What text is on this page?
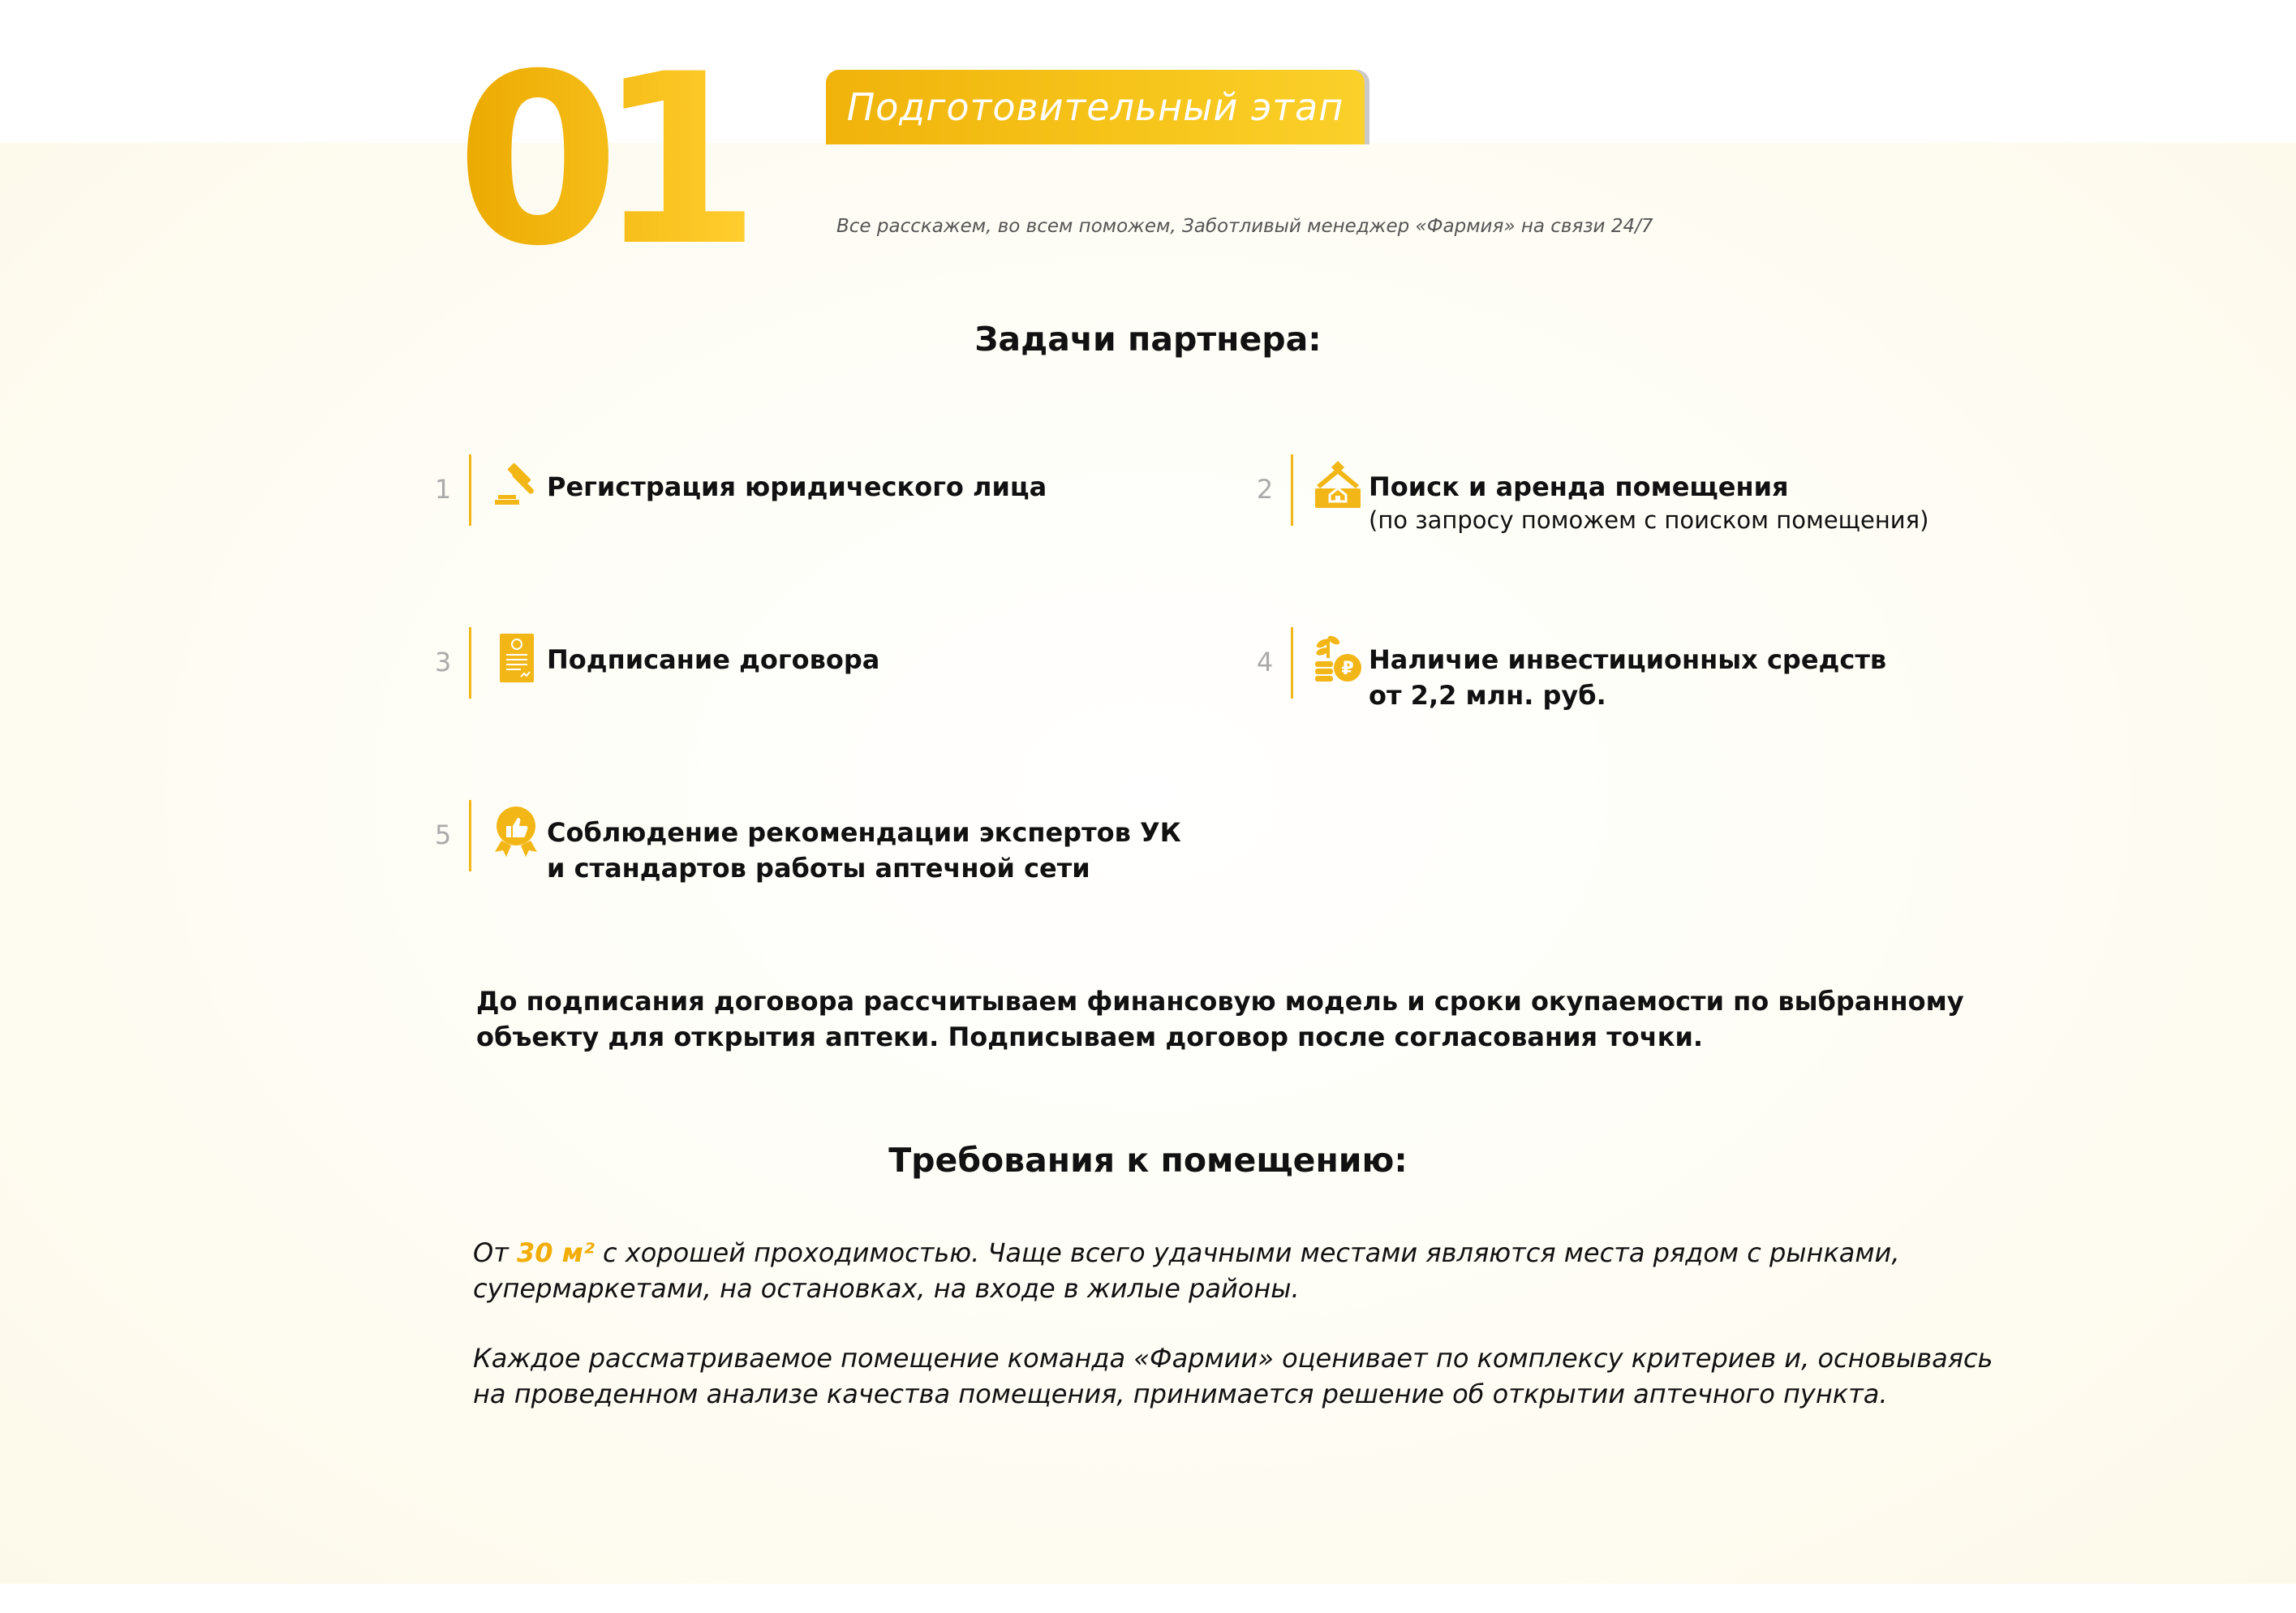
01	Подготовительный этап
Все расскажем, во всем поможем, Заботливый менеджер «Фармия» на связи 24/7
Задачи партнера:
1	Регистрация юридического лица	2	Поиск и аренда помещения
(по запросу поможем с поиском помещения)
3	Подписание договора	4	₽ Наличие инвестиционных средств
от 2,2 млн. руб.
5	Соблюдение рекомендации экспертов УК
и стандартов работы аптечной сети
До подписания договора рассчитываем финансовую модель и сроки окупаемости по выбранному
объекту для открытия аптеки. Подписываем договор после согласования точки.
Требования к помещению:
От 30 м² с хорошей проходимостью. Чаще всего удачными местами являются места рядом с рынками,
супермаркетами, на остановках, на входе в жилые районы.
Каждое рассматриваемое помещение команда «Фармии» оценивает по комплексу критериев и, основываясь
на проведенном анализе качества помещения, принимается решение об открытии аптечного пункта.
